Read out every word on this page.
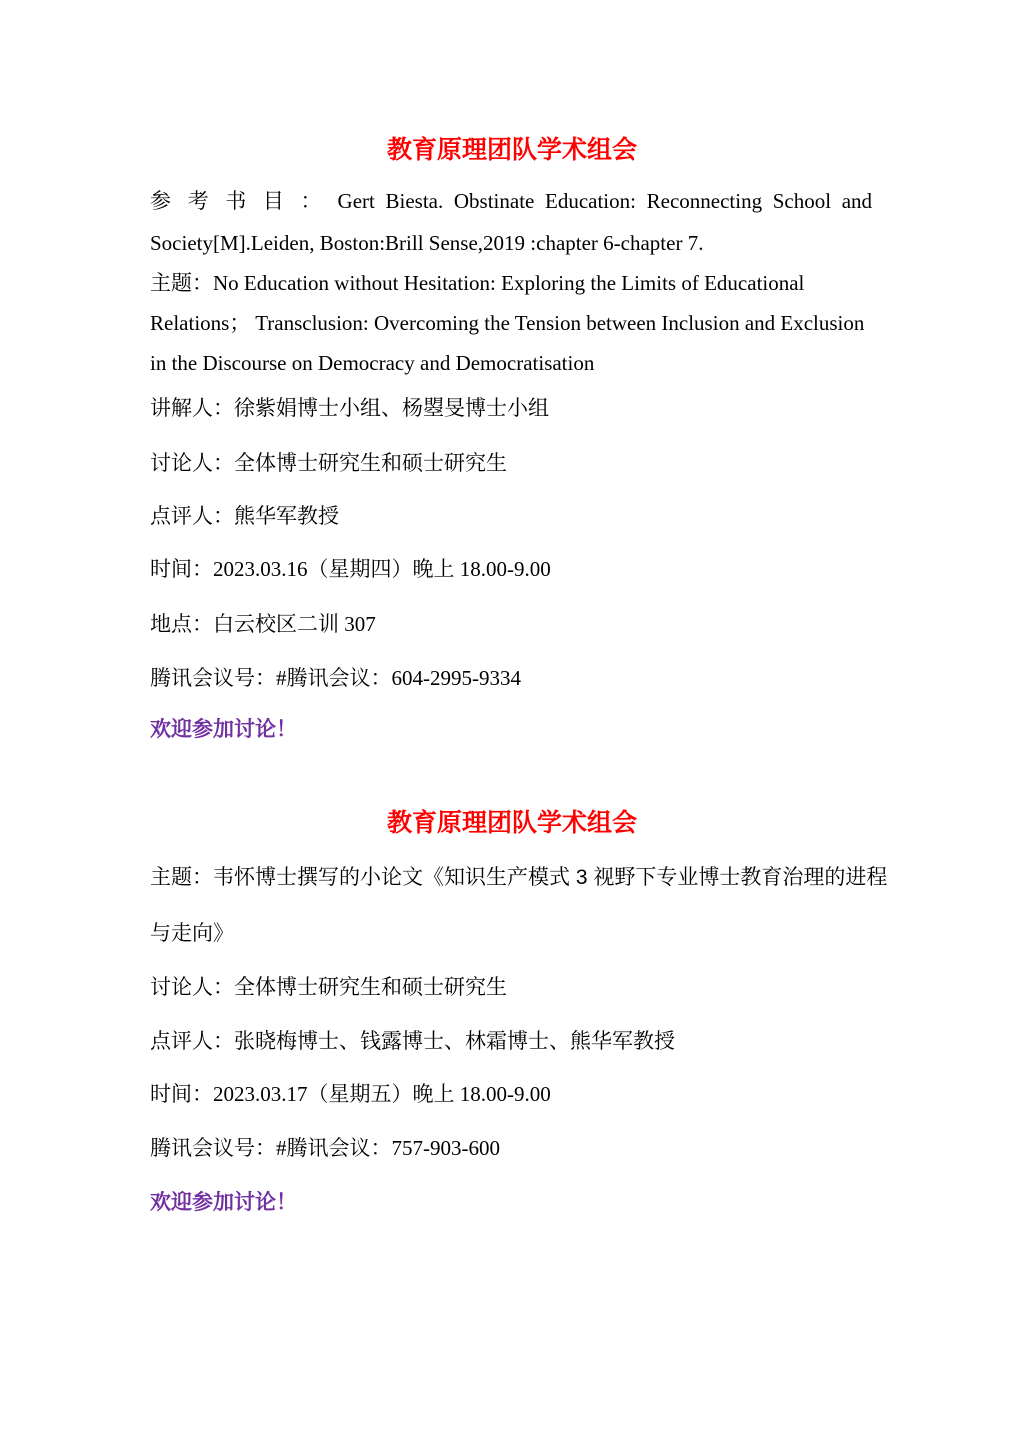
教育原理团队学术组会

参 考 书 目 ： Gert Biesta. Obstinate Education: Reconnecting School and

Society[M].Leiden, Boston:Brill Sense,2019 :chapter 6-chapter 7.

主题：No Education without Hesitation: Exploring the Limits of Educational

Relations； Transclusion: Overcoming the Tension between Inclusion and Exclusion

in the Discourse on Democracy and Democratisation

讲解人：徐紫娟博士小组、杨曌旻博士小组

讨论人：全体博士研究生和硕士研究生

点评人：熊华军教授

时间：2023.03.16（星期四）晚上 18.00-9.00

地点：白云校区二训 307

腾讯会议号：#腾讯会议：604-2995-9334

欢迎参加讨论！

教育原理团队学术组会

主题：韦怀博士撰写的小论文《知识生产模式 3 视野下专业博士教育治理的进程

与走向》

讨论人：全体博士研究生和硕士研究生

点评人：张晓梅博士、钱露博士、林霜博士、熊华军教授

时间：2023.03.17（星期五）晚上 18.00-9.00

腾讯会议号：#腾讯会议：757-903-600

欢迎参加讨论！
